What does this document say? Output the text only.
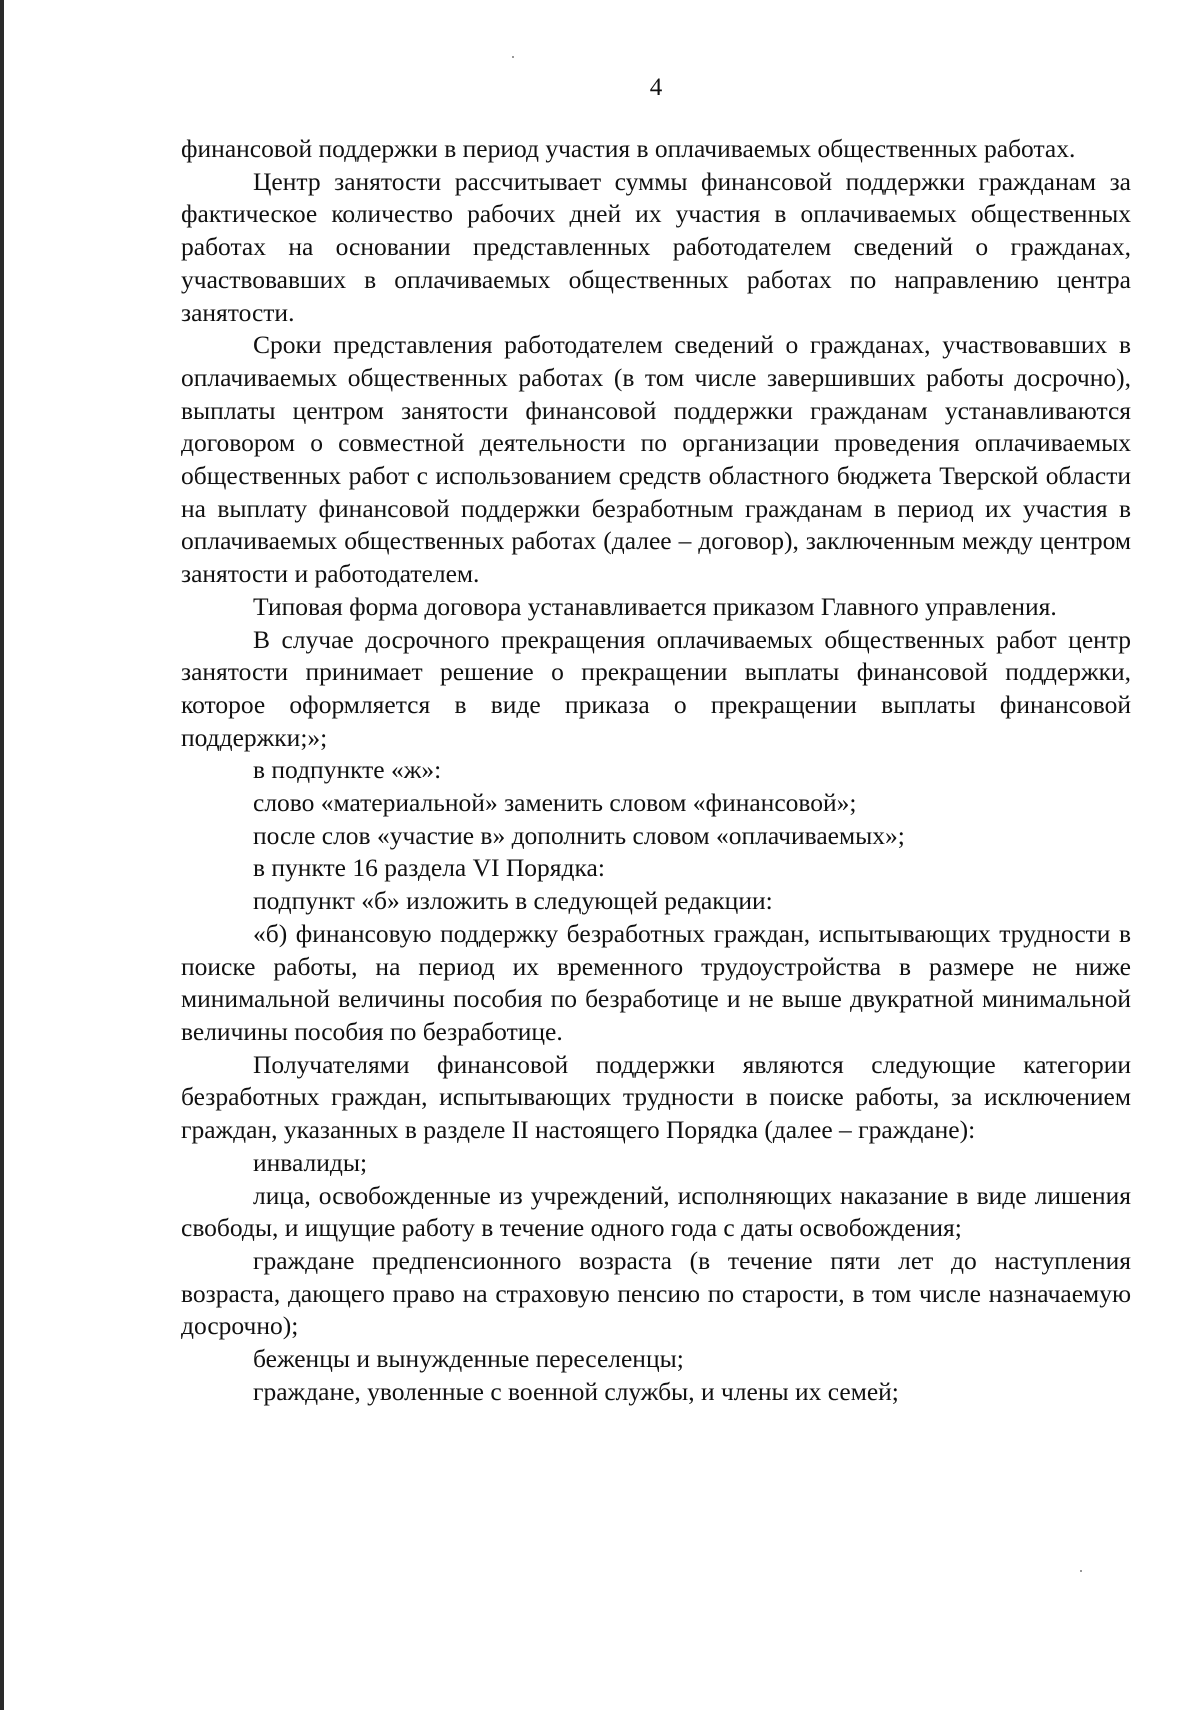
4

финансовой поддержки в период участия в оплачиваемых общественных работах.

Центр занятости рассчитывает суммы финансовой поддержки гражданам за фактическое количество рабочих дней их участия в оплачиваемых общественных работах на основании представленных работодателем сведений о гражданах, участвовавших в оплачиваемых общественных работах по направлению центра занятости.

Сроки представления работодателем сведений о гражданах, участвовавших в оплачиваемых общественных работах (в том числе завершивших работы досрочно), выплаты центром занятости финансовой поддержки гражданам устанавливаются договором о совместной деятельности по организации проведения оплачиваемых общественных работ с использованием средств областного бюджета Тверской области на выплату финансовой поддержки безработным гражданам в период их участия в оплачиваемых общественных работах (далее – договор), заключенным между центром занятости и работодателем.

Типовая форма договора устанавливается приказом Главного управления.

В случае досрочного прекращения оплачиваемых общественных работ центр занятости принимает решение о прекращении выплаты финансовой поддержки, которое оформляется в виде приказа о прекращении выплаты финансовой поддержки;»;

в подпункте «ж»:

слово «материальной» заменить словом «финансовой»;

после слов «участие в» дополнить словом «оплачиваемых»;

в пункте 16 раздела VI Порядка:

подпункт «б» изложить в следующей редакции:

«б) финансовую поддержку безработных граждан, испытывающих трудности в поиске работы, на период их временного трудоустройства в размере не ниже минимальной величины пособия по безработице и не выше двукратной минимальной величины пособия по безработице.

Получателями финансовой поддержки являются следующие категории безработных граждан, испытывающих трудности в поиске работы, за исключением граждан, указанных в разделе II настоящего Порядка (далее – граждане):

инвалиды;

лица, освобожденные из учреждений, исполняющих наказание в виде лишения свободы, и ищущие работу в течение одного года с даты освобождения;

граждане предпенсионного возраста (в течение пяти лет до наступления возраста, дающего право на страховую пенсию по старости, в том числе назначаемую досрочно);

беженцы и вынужденные переселенцы;

граждане, уволенные с военной службы, и члены их семей;
